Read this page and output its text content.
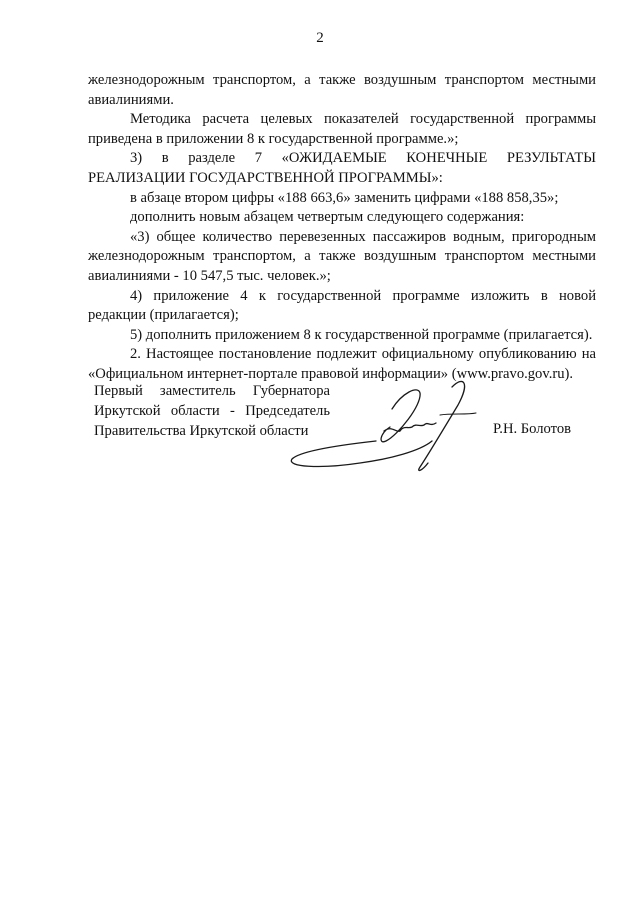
2

железнодорожным транспортом, а также воздушным транспортом местными авиалиниями.

Методика расчета целевых показателей государственной программы приведена в приложении 8 к государственной программе.»;

3) в разделе 7 «ОЖИДАЕМЫЕ КОНЕЧНЫЕ РЕЗУЛЬТАТЫ

РЕАЛИЗАЦИИ ГОСУДАРСТВЕННОЙ ПРОГРАММЫ»:

в абзаце втором цифры «188 663,6» заменить цифрами «188 858,35»;

дополнить новым абзацем четвертым следующего содержания:

«3) общее количество перевезенных пассажиров водным, пригородным железнодорожным транспортом, а также воздушным транспортом местными авиалиниями - 10 547,5 тыс. человек.»;

4) приложение 4 к государственной программе изложить в новой редакции (прилагается);

5) дополнить приложением 8 к государственной программе (прилагается).

2. Настоящее постановление подлежит официальному опубликованию на «Официальном интернет-портале правовой информации» (www.pravo.gov.ru).

Первый заместитель Губернатора
Иркутской области - Председатель
Правительства Иркутской области	Р.Н. Болотов
